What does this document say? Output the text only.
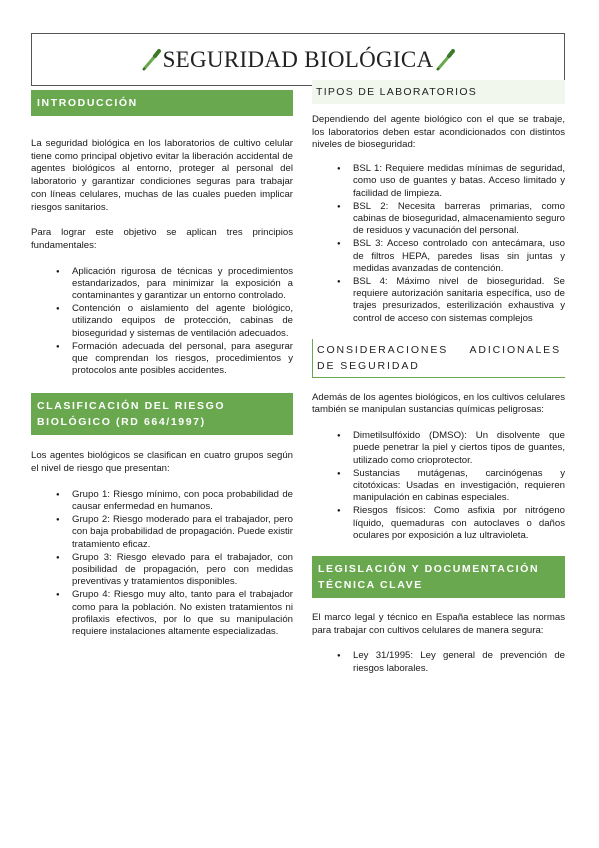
SEGURIDAD BIOLÓGICA
INTRODUCCIÓN

La seguridad biológica en los laboratorios de cultivo celular tiene como principal objetivo evitar la liberación accidental de agentes biológicos al entorno, proteger al personal del laboratorio y garantizar condiciones seguras para trabajar con líneas celulares, muchas de las cuales pueden implicar riesgos sanitarios.

Para lograr este objetivo se aplican tres principios fundamentales:

● Aplicación rigurosa de técnicas y procedimientos estandarizados, para minimizar la exposición a contaminantes y garantizar un entorno controlado.
● Contención o aislamiento del agente biológico, utilizando equipos de protección, cabinas de bioseguridad y sistemas de ventilación adecuados.
● Formación adecuada del personal, para asegurar que comprendan los riesgos, procedimientos y protocolos ante posibles accidentes.
CLASIFICACIÓN DEL RIESGO BIOLÓGICO (RD 664/1997)

Los agentes biológicos se clasifican en cuatro grupos según el nivel de riesgo que presentan:

● Grupo 1: Riesgo mínimo, con poca probabilidad de causar enfermedad en humanos.
● Grupo 2: Riesgo moderado para el trabajador, pero con baja probabilidad de propagación. Puede existir tratamiento eficaz.
● Grupo 3: Riesgo elevado para el trabajador, con posibilidad de propagación, pero con medidas preventivas y tratamientos disponibles.
● Grupo 4: Riesgo muy alto, tanto para el trabajador como para la población. No existen tratamientos ni profilaxis efectivos, por lo que su manipulación requiere instalaciones altamente especializadas.
TIPOS DE LABORATORIOS

Dependiendo del agente biológico con el que se trabaje, los laboratorios deben estar acondicionados con distintos niveles de bioseguridad:

● BSL 1: Requiere medidas mínimas de seguridad, como uso de guantes y batas. Acceso limitado y facilidad de limpieza.
● BSL 2: Necesita barreras primarias, como cabinas de bioseguridad, almacenamiento seguro de residuos y vacunación del personal.
● BSL 3: Acceso controlado con antecámara, uso de filtros HEPA, paredes lisas sin juntas y medidas avanzadas de contención.
● BSL 4: Máximo nivel de bioseguridad. Se requiere autorización sanitaria específica, uso de trajes presurizados, esterilización exhaustiva y control de acceso con sistemas complejos
CONSIDERACIONES ADICIONALES DE SEGURIDAD

Además de los agentes biológicos, en los cultivos celulares también se manipulan sustancias químicas peligrosas:

● Dimetilsulfóxido (DMSO): Un disolvente que puede penetrar la piel y ciertos tipos de guantes, utilizado como crioprotector.
● Sustancias mutágenas, carcinógenas y citotóxicas: Usadas en investigación, requieren manipulación en cabinas especiales.
● Riesgos físicos: Como asfixia por nitrógeno líquido, quemaduras con autoclaves o daños oculares por exposición a luz ultravioleta.
LEGISLACIÓN Y DOCUMENTACIÓN TÉCNICA CLAVE

El marco legal y técnico en España establece las normas para trabajar con cultivos celulares de manera segura:

● Ley 31/1995: Ley general de prevención de riesgos laborales.
